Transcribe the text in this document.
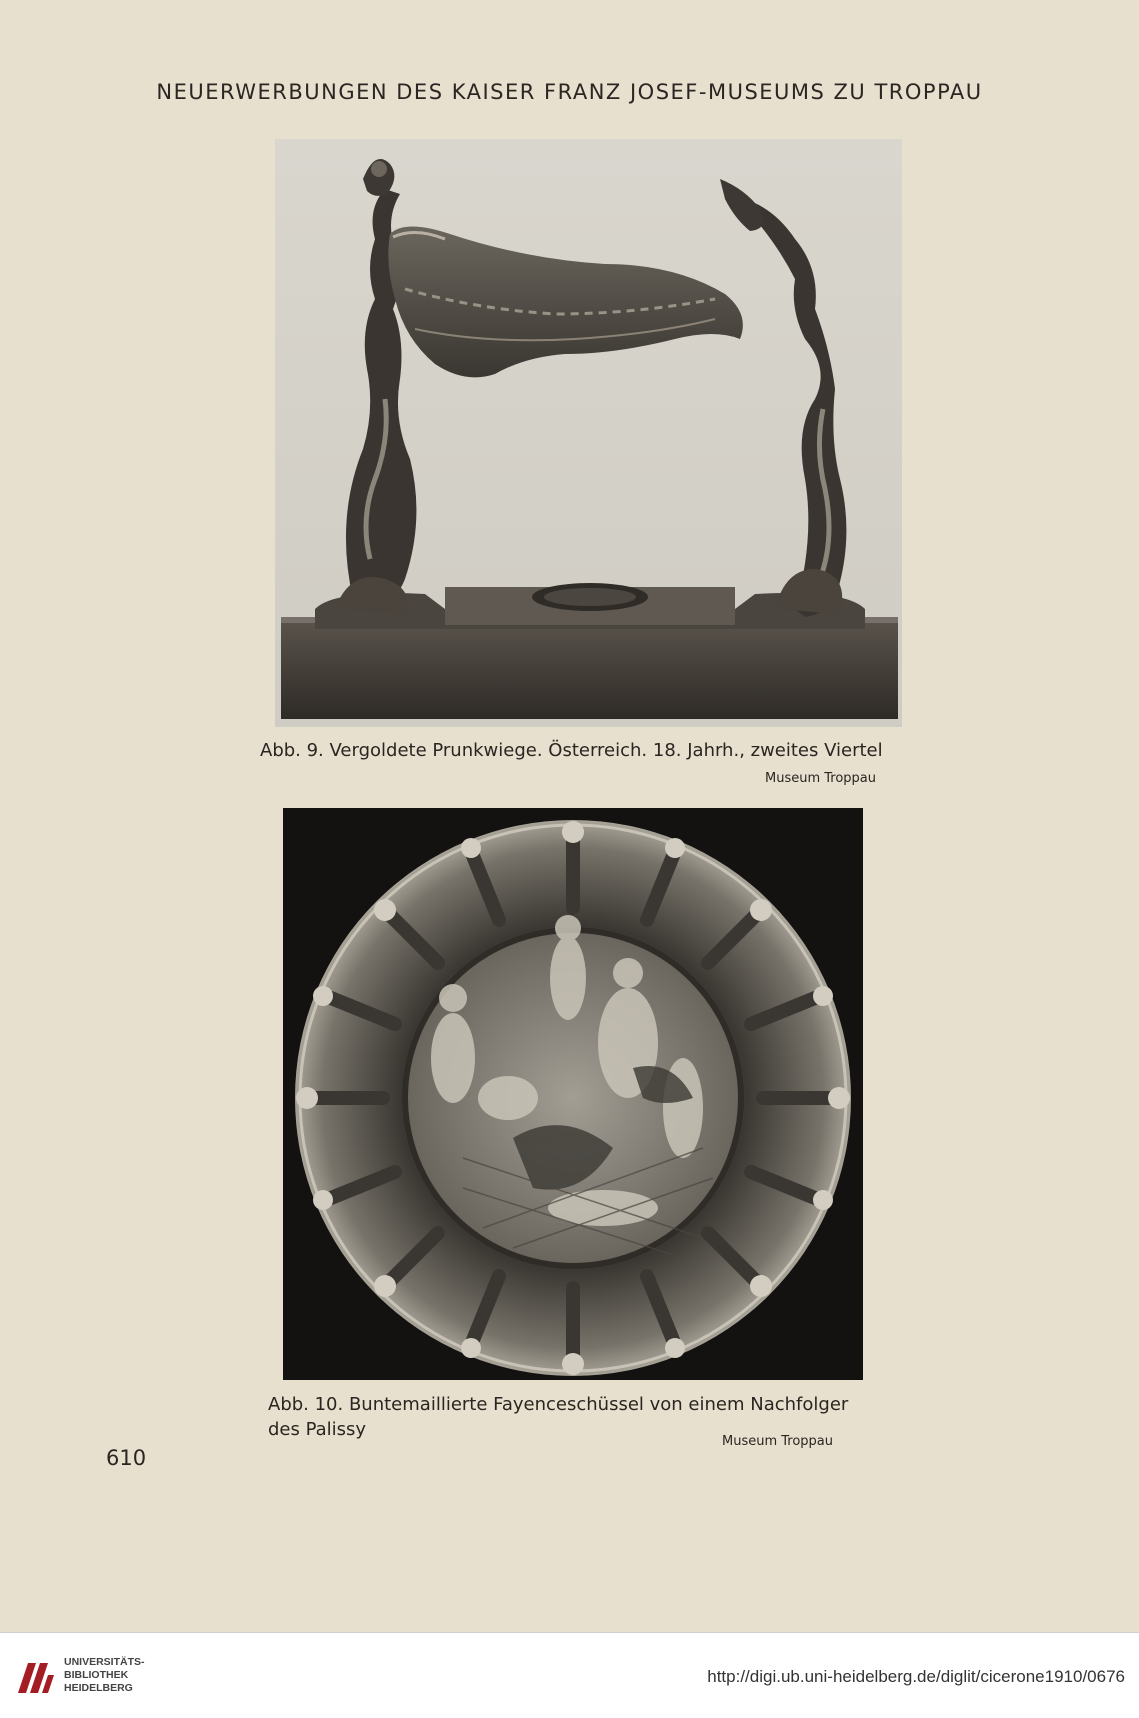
NEUERWERBUNGEN DES KAISER FRANZ JOSEF-MUSEUMS ZU TROPPAU
Abb. 9. Vergoldete Prunkwiege. Österreich. 18. Jahrh., zweites Viertel
Museum Troppau
Abb. 10. Buntemaillierte Fayenceschüssel von einem Nachfolger
des Palissy
Museum Troppau
610
UNIVERSITÄTS-
BIBLIOTHEK
HEIDELBERG
http://digi.ub.uni-heidelberg.de/diglit/cicerone1910/0676
